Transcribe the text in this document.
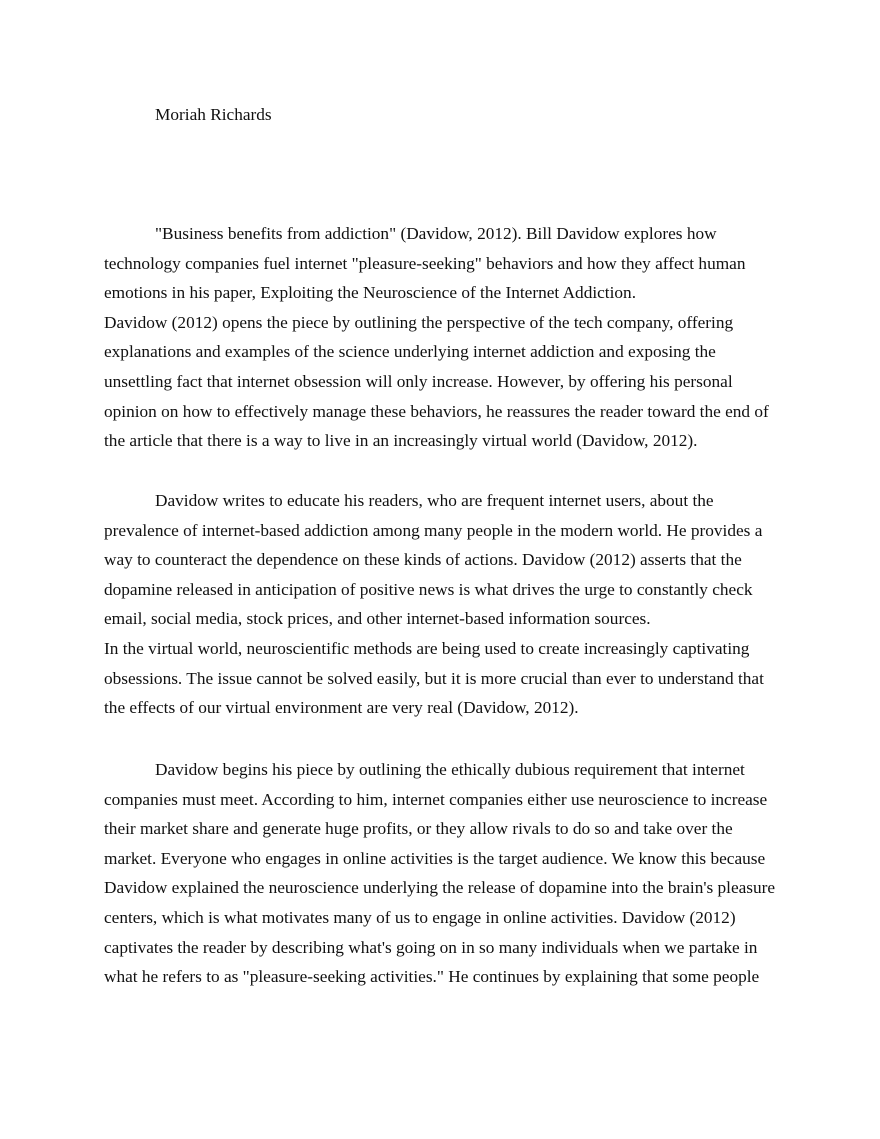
Moriah Richards
"Business benefits from addiction" (Davidow, 2012). Bill Davidow explores how
technology companies fuel internet "pleasure-seeking" behaviors and how they affect human
emotions in his paper, Exploiting the Neuroscience of the Internet Addiction.
Davidow (2012) opens the piece by outlining the perspective of the tech company, offering
explanations and examples of the science underlying internet addiction and exposing the
unsettling fact that internet obsession will only increase. However, by offering his personal
opinion on how to effectively manage these behaviors, he reassures the reader toward the end of
the article that there is a way to live in an increasingly virtual world (Davidow, 2012).
Davidow writes to educate his readers, who are frequent internet users, about the
prevalence of internet-based addiction among many people in the modern world. He provides a
way to counteract the dependence on these kinds of actions. Davidow (2012) asserts that the
dopamine released in anticipation of positive news is what drives the urge to constantly check
email, social media, stock prices, and other internet-based information sources.
In the virtual world, neuroscientific methods are being used to create increasingly captivating
obsessions. The issue cannot be solved easily, but it is more crucial than ever to understand that
the effects of our virtual environment are very real (Davidow, 2012).
Davidow begins his piece by outlining the ethically dubious requirement that internet
companies must meet. According to him, internet companies either use neuroscience to increase
their market share and generate huge profits, or they allow rivals to do so and take over the
market. Everyone who engages in online activities is the target audience. We know this because
Davidow explained the neuroscience underlying the release of dopamine into the brain's pleasure
centers, which is what motivates many of us to engage in online activities. Davidow (2012)
captivates the reader by describing what's going on in so many individuals when we partake in
what he refers to as "pleasure-seeking activities." He continues by explaining that some people
